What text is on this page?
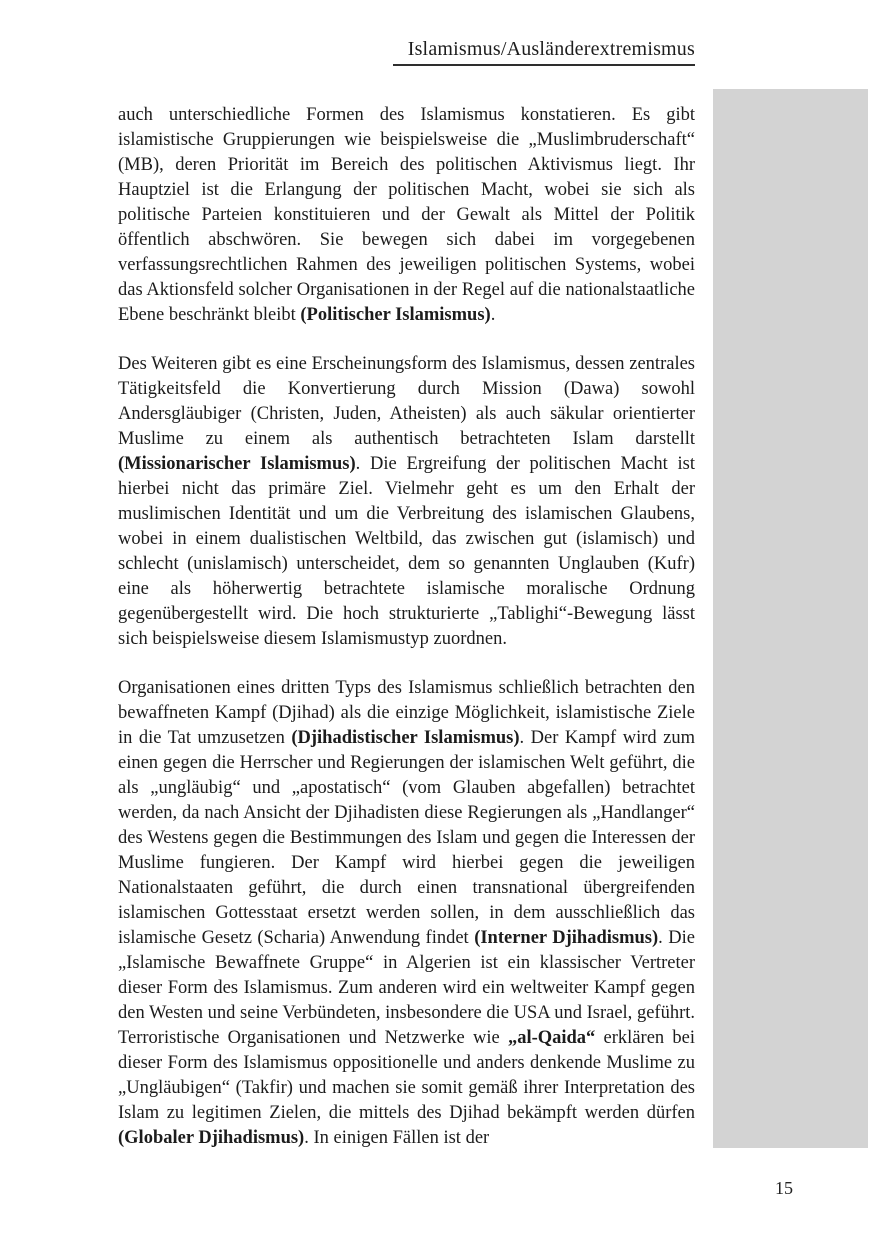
Islamismus/Ausländerextremismus

auch unterschiedliche Formen des Islamismus konstatieren. Es gibt islamistische Gruppierungen wie beispielsweise die „Muslimbruderschaft“ (MB), deren Priorität im Bereich des politischen Aktivismus liegt. Ihr Hauptziel ist die Erlangung der politischen Macht, wobei sie sich als politische Parteien konstituieren und der Gewalt als Mittel der Politik öffentlich abschwören. Sie bewegen sich dabei im vorgegebenen verfassungsrechtlichen Rahmen des jeweiligen politischen Systems, wobei das Aktionsfeld solcher Organisationen in der Regel auf die nationalstaatliche Ebene beschränkt bleibt (Politischer Islamismus).

Des Weiteren gibt es eine Erscheinungsform des Islamismus, dessen zentrales Tätigkeitsfeld die Konvertierung durch Mission (Dawa) sowohl Andersgläubiger (Christen, Juden, Atheisten) als auch säkular orientierter Muslime zu einem als authentisch betrachteten Islam darstellt (Missionarischer Islamismus). Die Ergreifung der politischen Macht ist hierbei nicht das primäre Ziel. Vielmehr geht es um den Erhalt der muslimischen Identität und um die Verbreitung des islamischen Glaubens, wobei in einem dualistischen Weltbild, das zwischen gut (islamisch) und schlecht (unislamisch) unterscheidet, dem so genannten Unglauben (Kufr) eine als höherwertig betrachtete islamische moralische Ordnung gegenübergestellt wird. Die hoch strukturierte „Tablighi“-Bewegung lässt sich beispielsweise diesem Islamismustyp zuordnen.

Organisationen eines dritten Typs des Islamismus schließlich betrachten den bewaffneten Kampf (Djihad) als die einzige Möglichkeit, islamistische Ziele in die Tat umzusetzen (Djihadistischer Islamismus). Der Kampf wird zum einen gegen die Herrscher und Regierungen der islamischen Welt geführt, die als „ungläubig“ und „apostatisch“ (vom Glauben abgefallen) betrachtet werden, da nach Ansicht der Djihadisten diese Regierungen als „Handlanger“ des Westens gegen die Bestimmungen des Islam und gegen die Interessen der Muslime fungieren. Der Kampf wird hierbei gegen die jeweiligen Nationalstaaten geführt, die durch einen transnational übergreifenden islamischen Gottesstaat ersetzt werden sollen, in dem ausschließlich das islamische Gesetz (Scharia) Anwendung findet (Interner Djihadismus). Die „Islamische Bewaffnete Gruppe“ in Algerien ist ein klassischer Vertreter dieser Form des Islamismus. Zum anderen wird ein weltweiter Kampf gegen den Westen und seine Verbündeten, insbesondere die USA und Israel, geführt. Terroristische Organisationen und Netzwerke wie „al-Qaida“ erklären bei dieser Form des Islamismus oppositionelle und anders denkende Muslime zu „Ungläubigen“ (Takfir) und machen sie somit gemäß ihrer Interpretation des Islam zu legitimen Zielen, die mittels des Djihad bekämpft werden dürfen (Globaler Djihadismus). In einigen Fällen ist der

15
